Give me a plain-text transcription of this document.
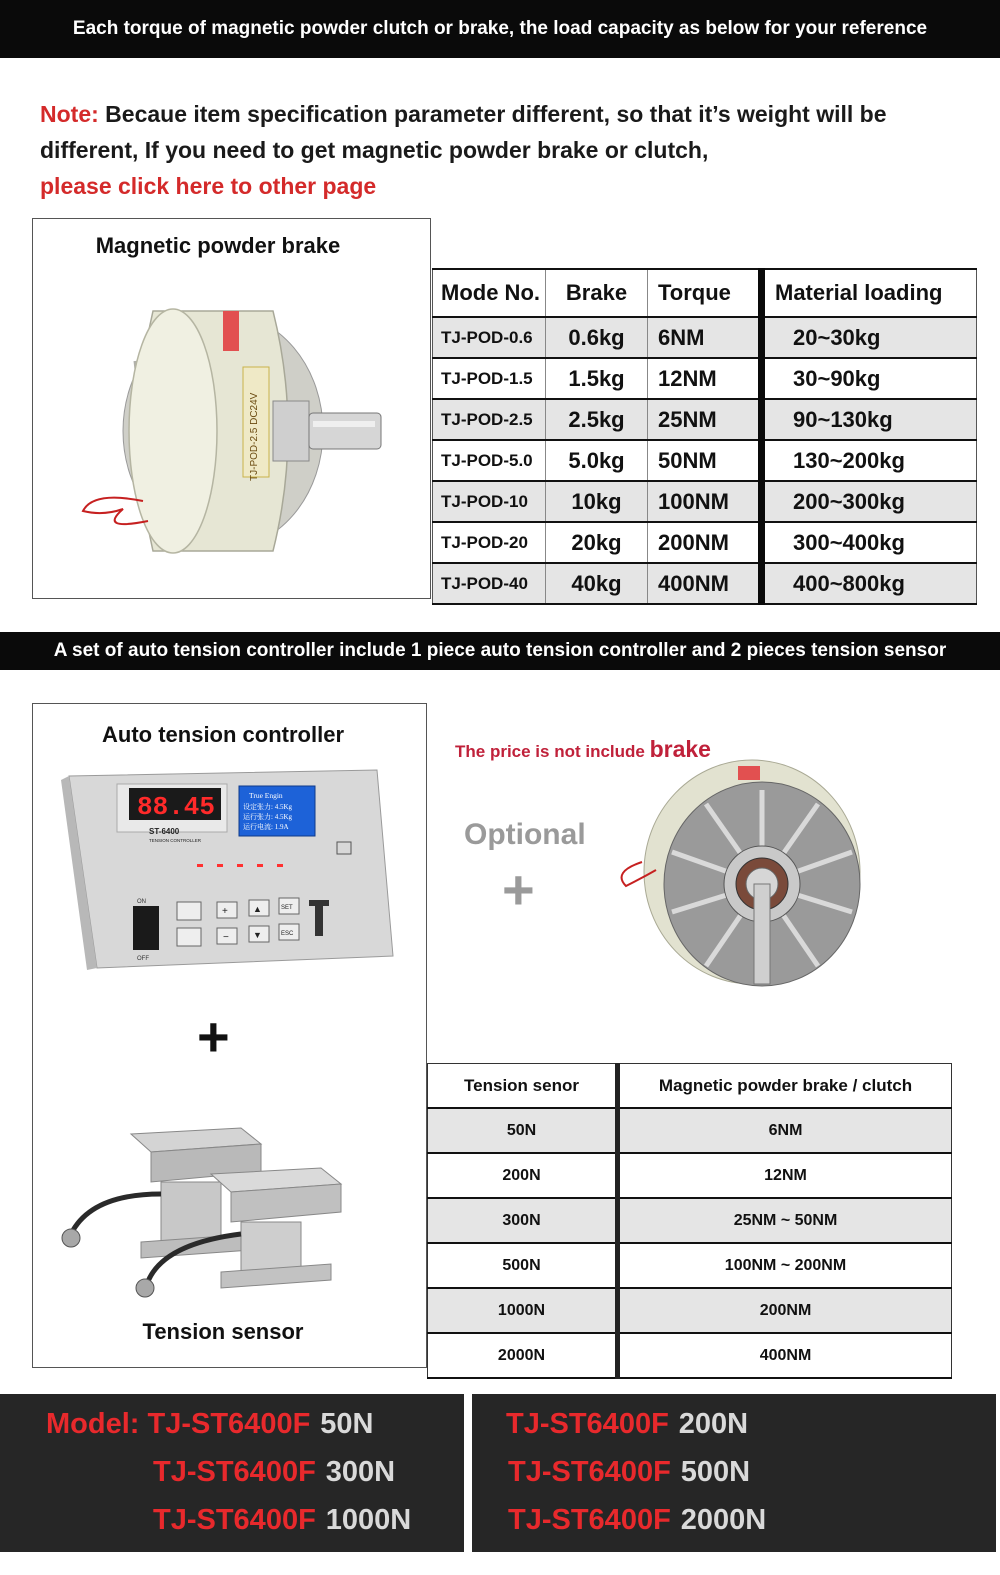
Each torque of magnetic powder clutch or brake, the load capacity as below for your reference
Note: Becaue item specification parameter different, so that it’s weight will be different, If you need to get magnetic powder brake or clutch,
please click here to other page
Magnetic powder brake
TJ-POD-2.5 DC24V
Mode No.	Brake	Torque	Material loading
TJ-POD-0.6	0.6kg	6NM	20~30kg
TJ-POD-1.5	1.5kg	12NM	30~90kg
TJ-POD-2.5	2.5kg	25NM	90~130kg
TJ-POD-5.0	5.0kg	50NM	130~200kg
TJ-POD-10	10kg	100NM	200~300kg
TJ-POD-20	20kg	200NM	300~400kg
TJ-POD-40	40kg	400NM	400~800kg
A set of auto tension controller include 1 piece auto tension controller and 2 pieces tension sensor
Auto tension controller
88.45
ST-6400
TENSION CONTROLLER
True Engin
设定张力: 4.5Kg
运行张力: 4.5Kg
运行电流: 1.9A
ON
OFF
+	▲	SET
−	▼	ESC
+
Tension sensor
The price is not include brake
Optional
+
Tension senor	Magnetic powder brake / clutch
50N	6NM
200N	12NM
300N	25NM ~ 50NM
500N	100NM ~ 200NM
1000N	200NM
2000N	400NM
Model: TJ-ST6400F 50N
TJ-ST6400F 300N
TJ-ST6400F 1000N
TJ-ST6400F 200N
TJ-ST6400F 500N
TJ-ST6400F 2000N
